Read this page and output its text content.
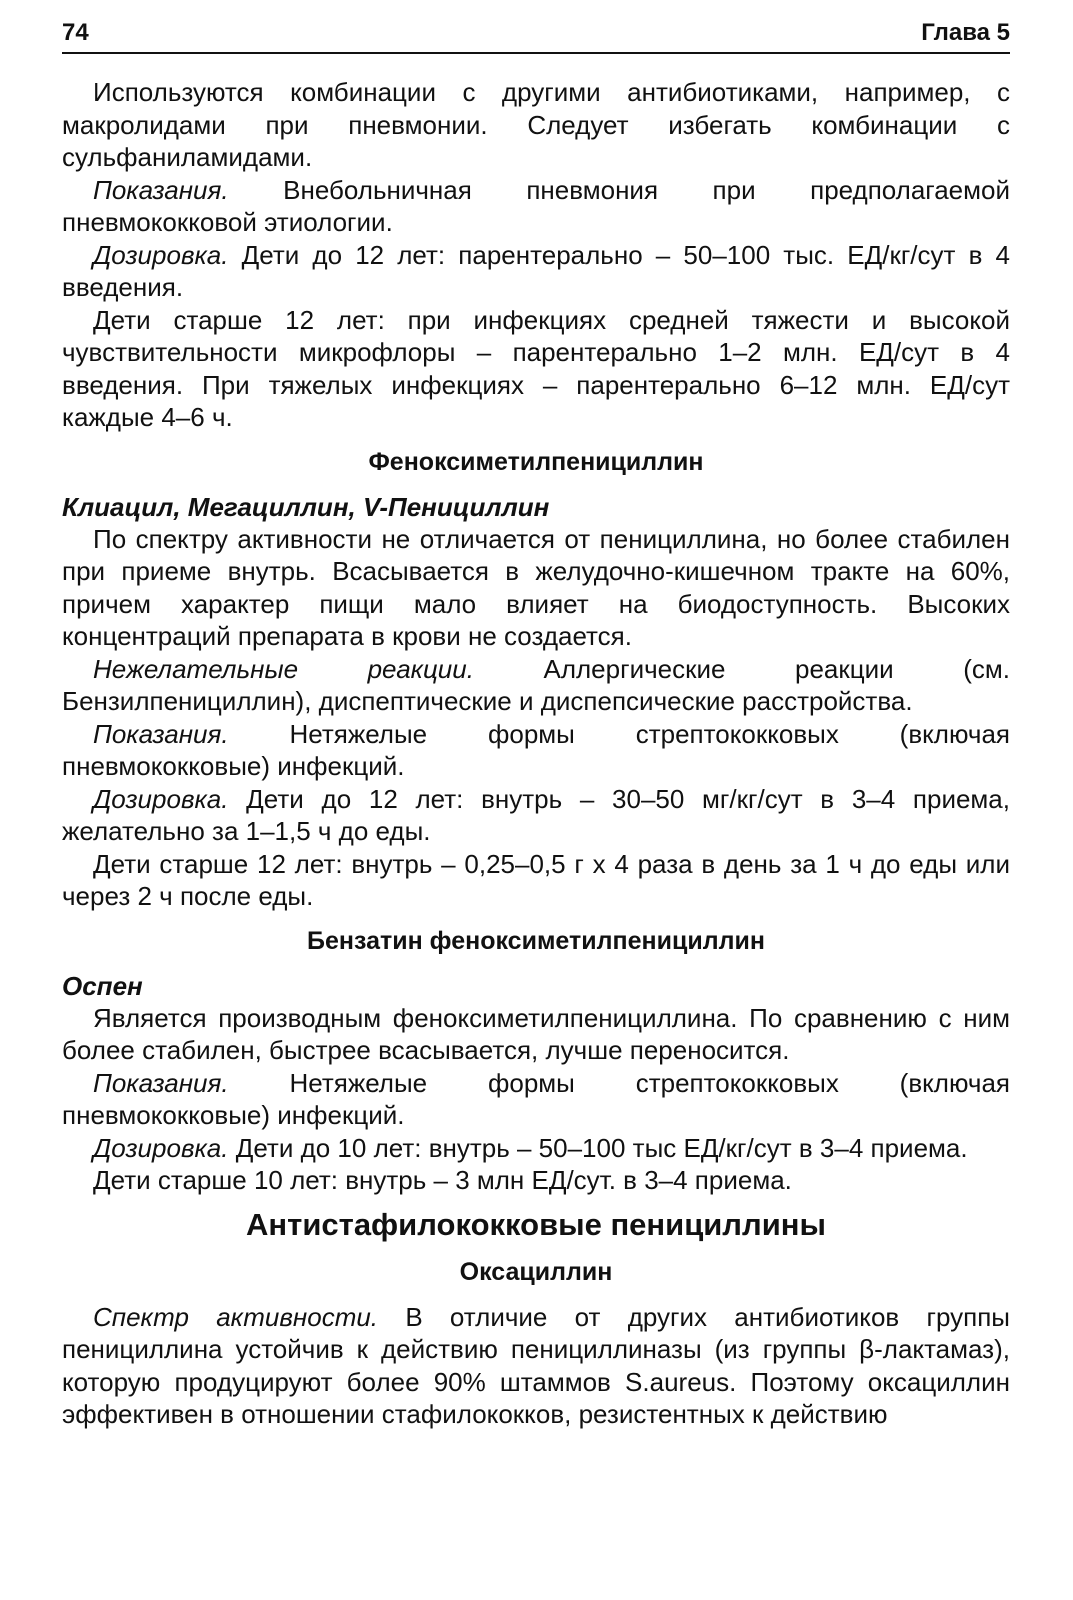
74	Глава 5

Используются комбинации с другими антибиотиками, например, с макролидами при пневмонии. Следует избегать комбинации с сульфаниламидами.

Показания. Внебольничная пневмония при предполагаемой пневмококковой этиологии.

Дозировка. Дети до 12 лет: парентерально – 50–100 тыс. ЕД/кг/сут в 4 введения.

Дети старше 12 лет: при инфекциях средней тяжести и высокой чувствительности микрофлоры – парентерально 1–2 млн. ЕД/сут в 4 введения. При тяжелых инфекциях – парентерально 6–12 млн. ЕД/сут каждые 4–6 ч.

Феноксиметилпенициллин
Клиацил, Мегациллин, V-Пенициллин

По спектру активности не отличается от пенициллина, но более стабилен при приеме внутрь. Всасывается в желудочно-кишечном тракте на 60%, причем характер пищи мало влияет на биодоступность. Высоких концентраций препарата в крови не создается.

Нежелательные реакции. Аллергические реакции (см. Бензилпенициллин), диспептические и диспепсические расстройства.

Показания. Нетяжелые формы стрептококковых (включая пневмококковые) инфекций.

Дозировка. Дети до 12 лет: внутрь – 30–50 мг/кг/сут в 3–4 приема, желательно за 1–1,5 ч до еды.

Дети старше 12 лет: внутрь – 0,25–0,5 г х 4 раза в день за 1 ч до еды или через 2 ч после еды.

Бензатин феноксиметилпенициллин
Оспен

Является производным феноксиметилпенициллина. По сравнению с ним более стабилен, быстрее всасывается, лучше переносится.

Показания. Нетяжелые формы стрептококковых (включая пневмококковые) инфекций.

Дозировка. Дети до 10 лет: внутрь – 50–100 тыс ЕД/кг/сут в 3–4 приема.

Дети старше 10 лет: внутрь – 3 млн ЕД/сут. в 3–4 приема.

Антистафилококковые пенициллины
Оксациллин

Спектр активности. В отличие от других антибиотиков группы пенициллина устойчив к действию пенициллиназы (из группы β-лактамаз), которую продуцируют более 90% штаммов S.aureus. Поэтому оксациллин эффективен в отношении стафилококков, резистентных к действию
